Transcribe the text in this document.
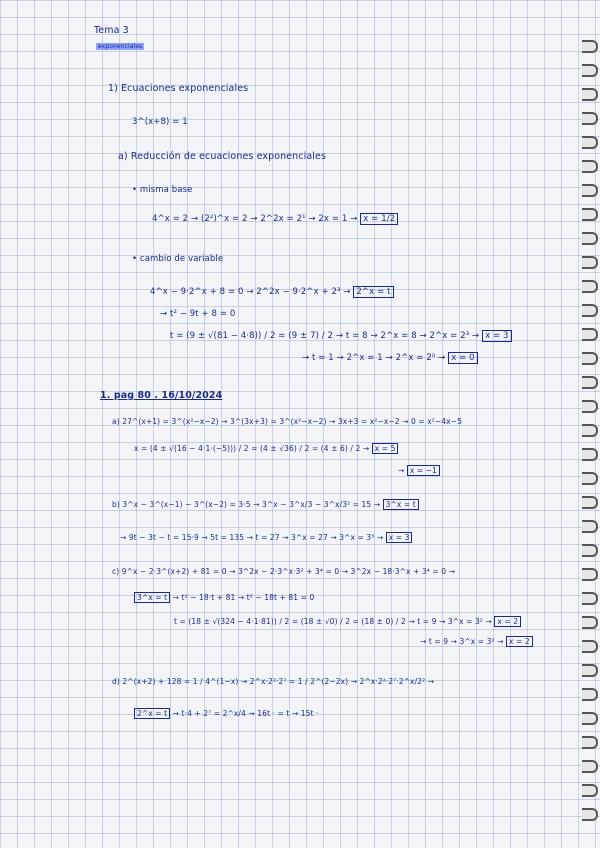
Tema 3
exponenciales
1) Ecuaciones exponenciales
3^(x+8) = 1
a) Reducción de ecuaciones exponenciales
• misma base
4^x = 2 → (2²)^x = 2 → 2^2x = 2¹ → 2x = 1 → x = 1/2
• cambio de variable
4^x − 9·2^x + 8 = 0 → 2^2x − 9·2^x + 2³ → 2^x = t
→ t² − 9t + 8 = 0
t = (9 ± √(81 − 4·8)) / 2 = (9 ± 7) / 2 → t = 8 → 2^x = 8 → 2^x = 2³ → x = 3
→ t = 1 → 2^x = 1 → 2^x = 2⁰ → x = 0
1. pag 80 . 16/10/2024
a) 27^(x+1) = 3^(x²−x−2) → 3^(3x+3) = 3^(x²−x−2) → 3x+3 = x²−x−2 → 0 = x²−4x−5
x = (4 ± √(16 − 4·1·(−5))) / 2 = (4 ± √36) / 2 = (4 ± 6) / 2 → x = 5
→ x = −1
b) 3^x − 3^(x−1) − 3^(x−2) = 3·5 → 3^x − 3^x/3 − 3^x/3² = 15 → 3^x = t
→ 9t − 3t − t = 15·9 → 5t = 135 → t = 27 → 3^x = 27 → 3^x = 3³ → x = 3
c) 9^x − 2·3^(x+2) + 81 = 0 → 3^2x − 2·3^x·3² + 3⁴ = 0 → 3^2x − 18·3^x + 3⁴ = 0 →
3^x = t → t² − 18·t + 81 → t² − 18t + 81 = 0
t = (18 ± √(324 − 4·1·81)) / 2 = (18 ± √0) / 2 = (18 ± 0) / 2 → t = 9 → 3^x = 3² → x = 2
→ t = 9 → 3^x = 3² → x = 2
d) 2^(x+2) + 128 = 1 / 4^(1−x) → 2^x·2²·2⁷ = 1 / 2^(2−2x) → 2^x·2²·2⁷·2^x/2² →
2^x = t → t·4 + 2⁷ = 2^x/4 → 16t · = t → 15t ·
